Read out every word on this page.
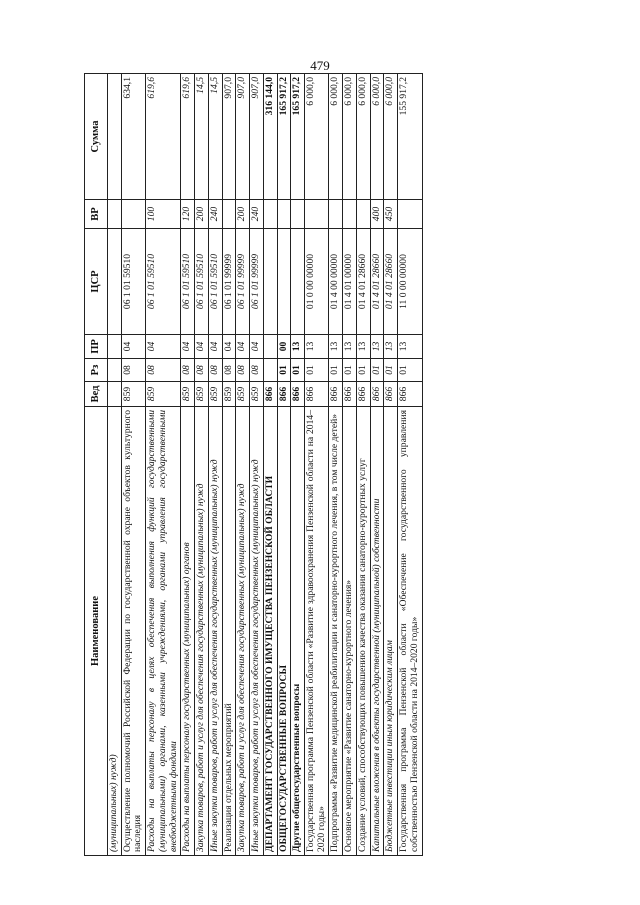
479
Наименование	Вед	Рз	ПР	ЦСР	ВР	Сумма
(муниципальных) нужд)						
Осуществление полномочий Российской Федерации по государственной охране объектов культурного наследия	859	08	04	06 1 01 59510		634,1
Расходы на выплаты персоналу в целях обеспечения выполнения функций государственными (муниципальными) органами, казенными учреждениями, органами управления государственными внебюджетными фондами	859	08	04	06 1 01 59510	100	619,6
Расходы на выплаты персоналу государственных (муниципальных) органов	859	08	04	06 1 01 59510	120	619,6
Закупка товаров, работ и услуг для обеспечения государственных (муниципальных) нужд	859	08	04	06 1 01 59510	200	14,5
Иные закупки товаров, работ и услуг для обеспечения государственных (муниципальных) нужд	859	08	04	06 1 01 59510	240	14,5
Реализация отдельных мероприятий	859	08	04	06 1 01 99999		907,0
Закупка товаров, работ и услуг для обеспечения государственных (муниципальных) нужд	859	08	04	06 1 01 99999	200	907,0
Иные закупки товаров, работ и услуг для обеспечения государственных (муниципальных) нужд	859	08	04	06 1 01 99999	240	907,0
ДЕПАРТАМЕНТ ГОСУДАРСТВЕННОГО ИМУЩЕСТВА ПЕНЗЕНСКОЙ ОБЛАСТИ	866					316 144,0
ОБЩЕГОСУДАРСТВЕННЫЕ ВОПРОСЫ	866	01	00			165 917,2
Другие общегосударственные вопросы	866	01	13			165 917,2
Государственная программа Пензенской области «Развитие здравоохранения Пензенской области на 2014–2020 годы»	866	01	13	01 0 00 00000		6 000,0
Подпрограмма «Развитие медицинской реабилитации и санаторно-курортного лечения, в том числе детей»	866	01	13	01 4 00 00000		6 000,0
Основное мероприятие «Развитие санаторно-курортного лечения»	866	01	13	01 4 01 00000		6 000,0
Создание условий, способствующих повышению качества оказания санаторно-курортных услуг	866	01	13	01 4 01 28660		6 000,0
Капитальные вложения в объекты государственной (муниципальной) собственности	866	01	13	01 4 01 28660	400	6 000,0
Бюджетные инвестиции иным юридическим лицам	866	01	13	01 4 01 28660	450	6 000,0
Государственная программа Пензенской области «Обеспечение государственного управления собственностью Пензенской области на 2014–2020 годы»	866	01	13	11 0 00 00000		155 917,2
